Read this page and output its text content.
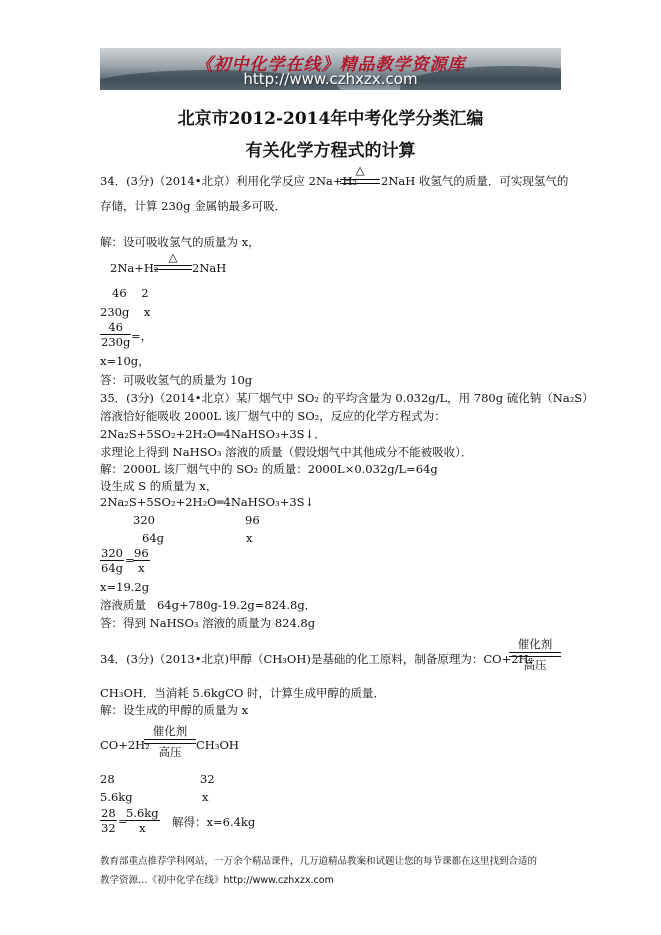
《初中化学在线》精品教学资源库
http://www.czhxzx.com
北京市2012-2014年中考化学分类汇编
有关化学方程式的计算
34．(3分)（2014•北京）利用化学反应 2Na+H₂
△
2NaH 收氢气的质量．可实现氢气的
存储，计算 230g 金属钠最多可吸．
解：设可吸收氢气的质量为 x，
2Na+H₂
△
2NaH
46    2
230g    x
$\frac{46}{230g}$ =，
x=10g，
答：可吸收氢气的质量为 10g
35．(3分)（2014•北京）某厂烟气中 SO₂ 的平均含量为 0.032g/L，用 780g 硫化钠（Na₂S）
溶液恰好能吸收 2000L 该厂烟气中的 SO₂，反应的化学方程式为：
2Na₂S+5SO₂+2H₂O═4NaHSO₃+3S↓．
求理论上得到 NaHSO₃ 溶液的质量（假设烟气中其他成分不能被吸收）．
解：2000L 该厂烟气中的 SO₂ 的质量：2000L×0.032g/L=64g
设生成 S 的质量为 x，
2Na₂S+5SO₂+2H₂O═4NaHSO₃+3S↓
320	96
64g	x
$\frac{320}{64g}$ =
$\frac{96}{x}$
x=19.2g
溶液质量   64g+780g-19.2g=824.8g．
答：得到 NaHSO₃ 溶液的质量为 824.8g
34．(3分)（2013•北京)甲醇（CH₃OH)是基础的化工原料，制备原理为：CO+2H₂
催化剂
高压
CH₃OH．当消耗 5.6kgCO 时，计算生成甲醇的质量．
解：设生成的甲醇的质量为 x
CO+2H₂
催化剂
高压	CH₃OH
28	32
5.6kg	x
$\frac{28}{32}$ =
$\frac{5.6kg}{x}$ 解得：x=6.4kg
教育部重点推荐学科网站，一万余个精品课件，几万道精品教案和试题让您的每节课都在这里找到合适的
教学资源…《初中化学在线》http://www.czhxzx.com
